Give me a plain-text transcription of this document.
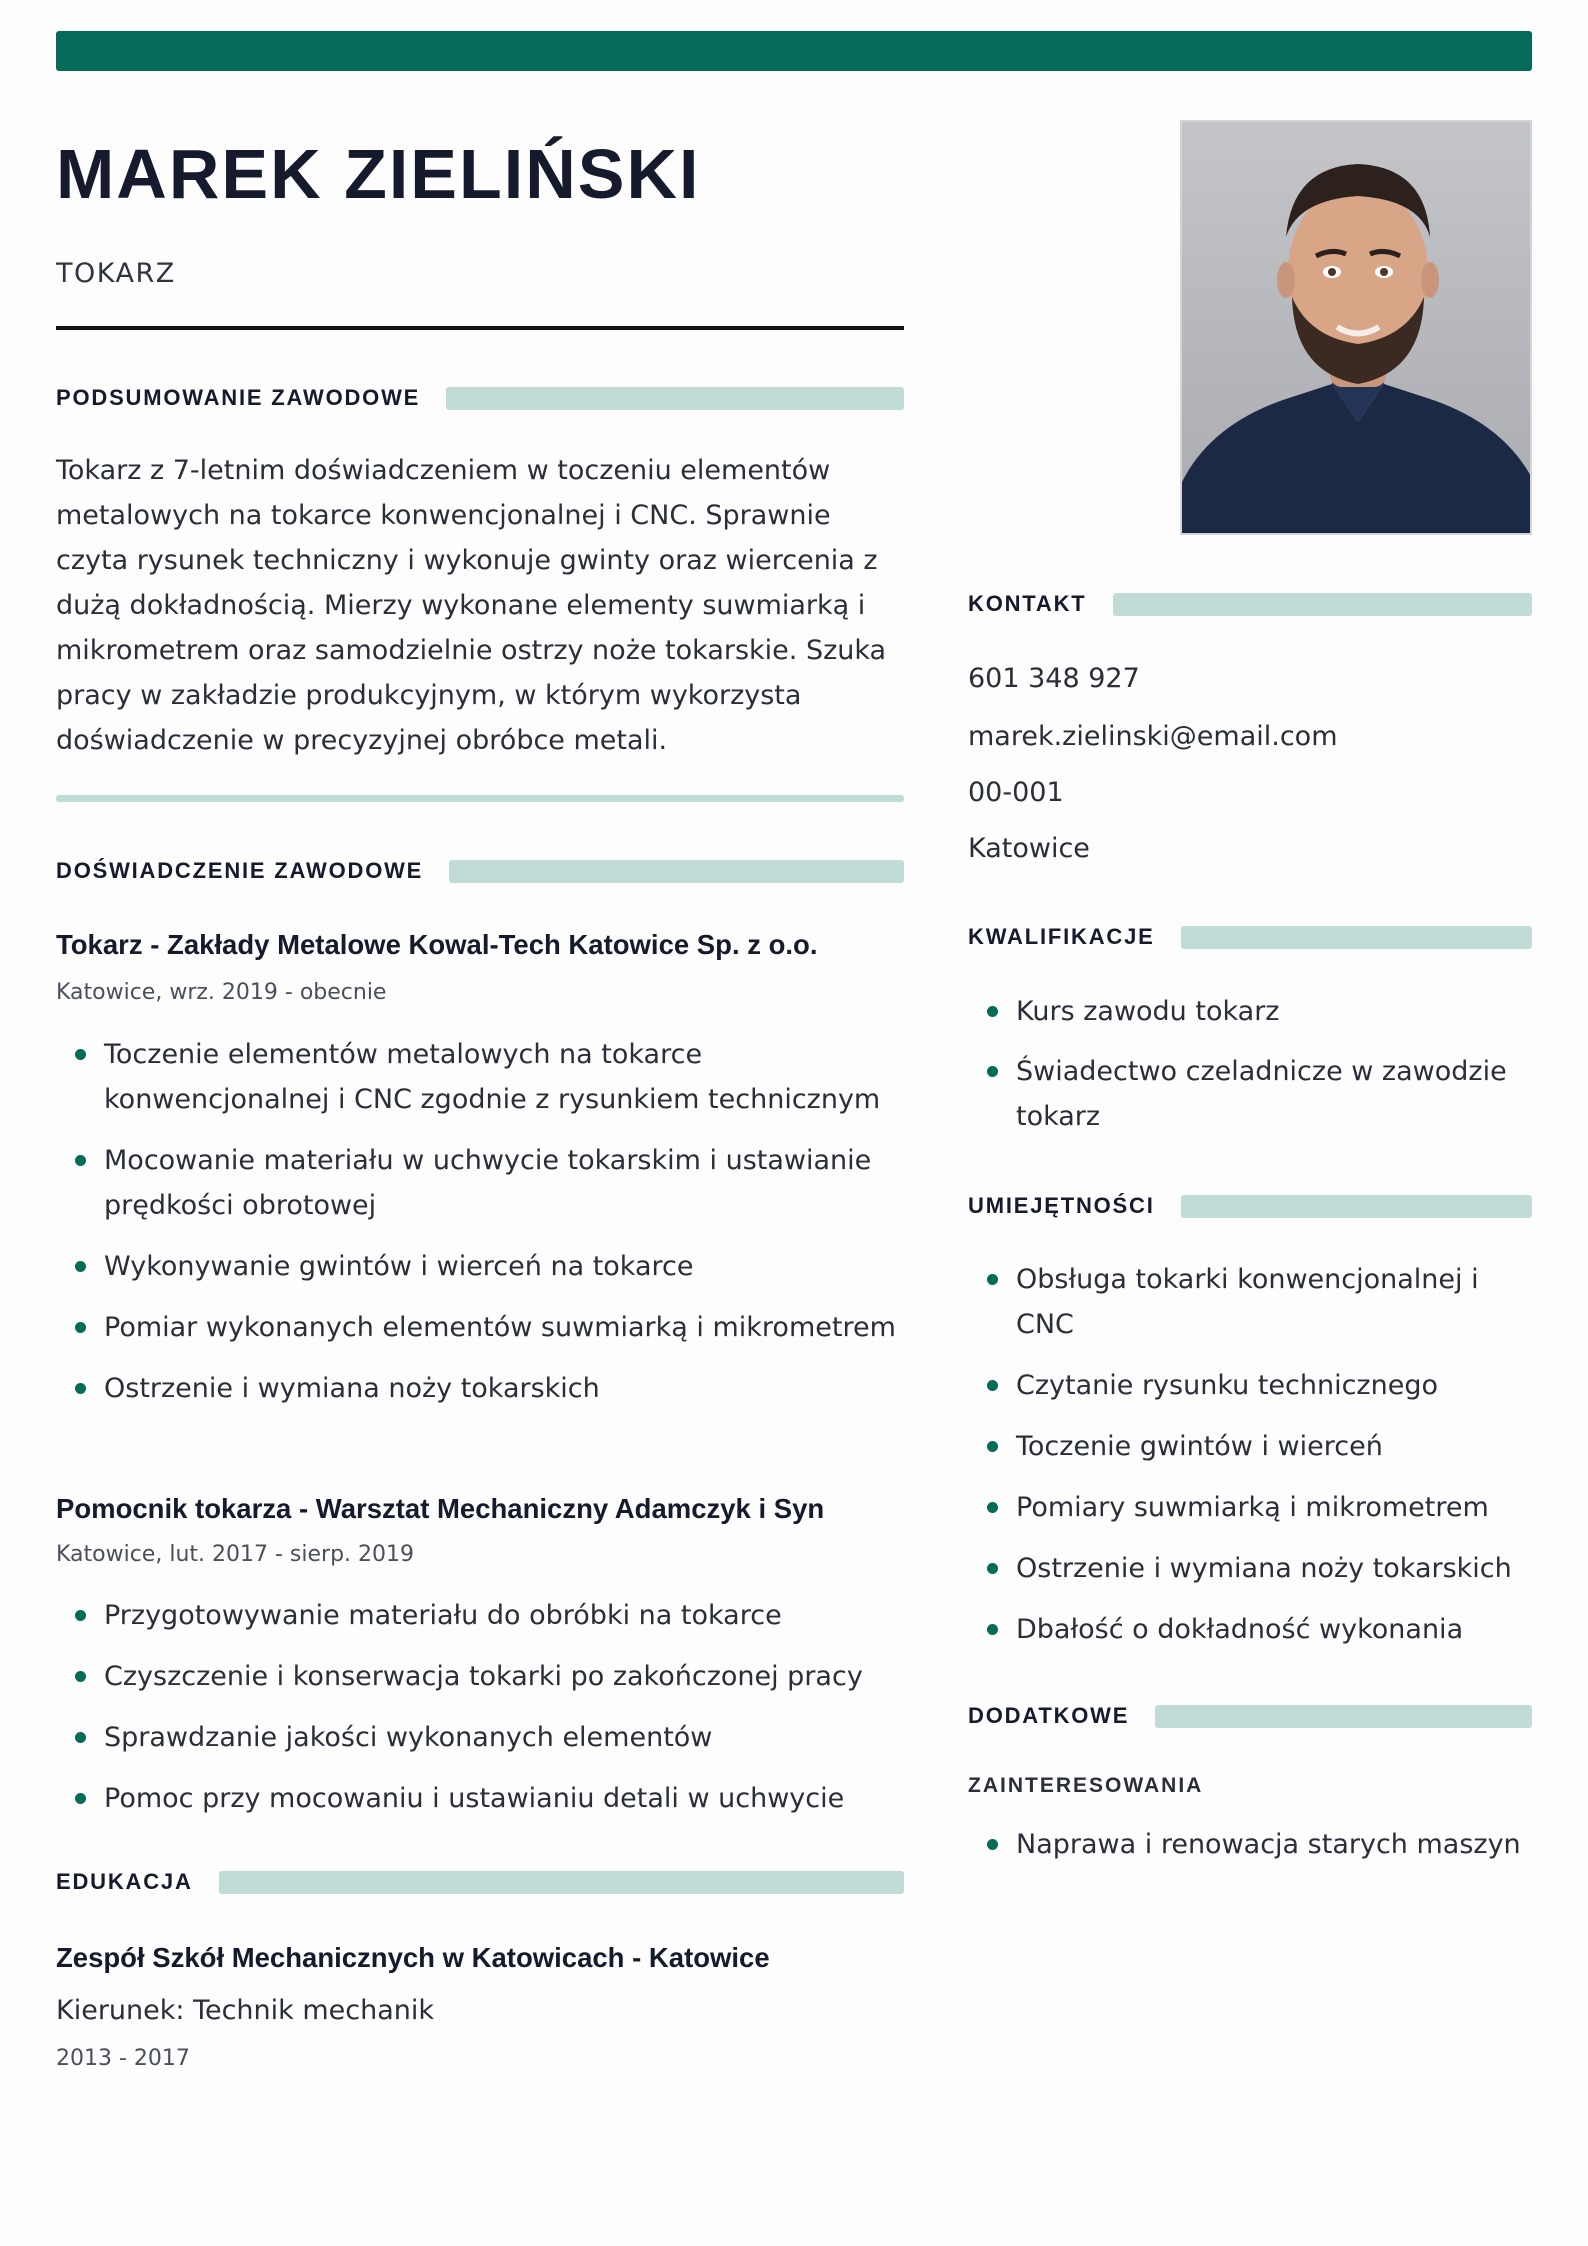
MAREK ZIELIŃSKI
TOKARZ
PODSUMOWANIE ZAWODOWE

Tokarz z 7-letnim doświadczeniem w toczeniu elementów metalowych na tokarce konwencjonalnej i CNC. Sprawnie czyta rysunek techniczny i wykonuje gwinty oraz wiercenia z dużą dokładnością. Mierzy wykonane elementy suwmiarką i mikrometrem oraz samodzielnie ostrzy noże tokarskie. Szuka pracy w zakładzie produkcyjnym, w którym wykorzysta doświadczenie w precyzyjnej obróbce metali.

DOŚWIADCZENIE ZAWODOWE
Tokarz - Zakłady Metalowe Kowal-Tech Katowice Sp. z o.o.
Katowice, wrz. 2019 - obecnie
Toczenie elementów metalowych na tokarce konwencjonalnej i CNC zgodnie z rysunkiem technicznym
Mocowanie materiału w uchwycie tokarskim i ustawianie prędkości obrotowej
Wykonywanie gwintów i wierceń na tokarce
Pomiar wykonanych elementów suwmiarką i mikrometrem
Ostrzenie i wymiana noży tokarskich
Pomocnik tokarza - Warsztat Mechaniczny Adamczyk i Syn
Katowice, lut. 2017 - sierp. 2019
Przygotowywanie materiału do obróbki na tokarce
Czyszczenie i konserwacja tokarki po zakończonej pracy
Sprawdzanie jakości wykonanych elementów
Pomoc przy mocowaniu i ustawianiu detali w uchwycie
EDUKACJA
Zespół Szkół Mechanicznych w Katowicach - Katowice
Kierunek: Technik mechanik
2013 - 2017
KONTAKT
601 348 927
marek.zielinski@email.com
00-001
Katowice
KWALIFIKACJE
Kurs zawodu tokarz
Świadectwo czeladnicze w zawodzie tokarz
UMIEJĘTNOŚCI
Obsługa tokarki konwencjonalnej i CNC
Czytanie rysunku technicznego
Toczenie gwintów i wierceń
Pomiary suwmiarką i mikrometrem
Ostrzenie i wymiana noży tokarskich
Dbałość o dokładność wykonania
DODATKOWE
ZAINTERESOWANIA
Naprawa i renowacja starych maszyn
